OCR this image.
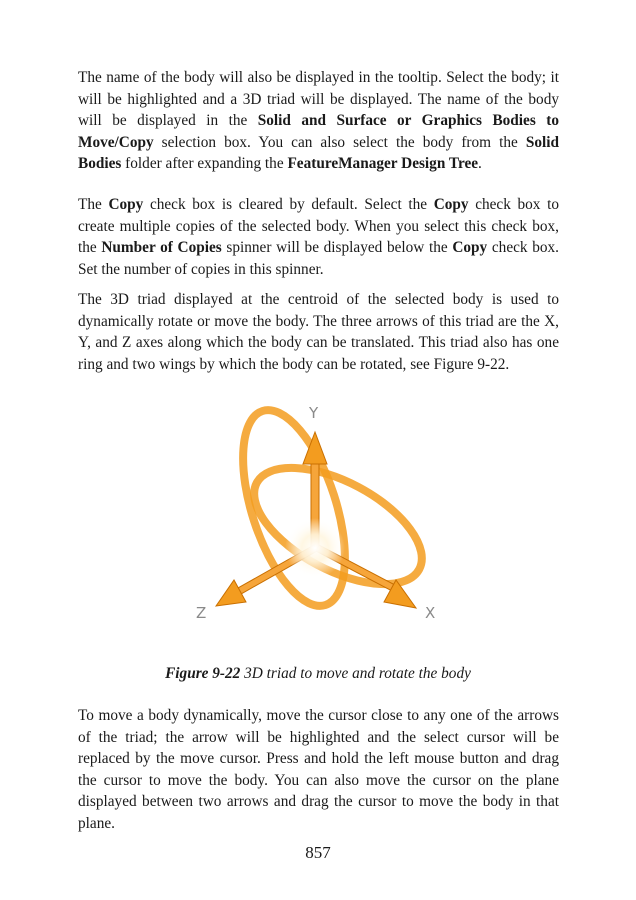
The name of the body will also be displayed in the tooltip. Select the body; it will be highlighted and a 3D triad will be displayed. The name of the body will be displayed in the Solid and Surface or Graphics Bodies to Move/Copy selection box. You can also select the body from the Solid Bodies folder after expanding the FeatureManager Design Tree.

The Copy check box is cleared by default. Select the Copy check box to create multiple copies of the selected body. When you select this check box, the Number of Copies spinner will be displayed below the Copy check box. Set the number of copies in this spinner.

The 3D triad displayed at the centroid of the selected body is used to dynamically rotate or move the body. The three arrows of this triad are the X, Y, and Z axes along which the body can be translated. This triad also has one ring and two wings by which the body can be rotated, see Figure 9-22.

Y
X
Z

Figure 9-22 3D triad to move and rotate the body

To move a body dynamically, move the cursor close to any one of the arrows of the triad; the arrow will be highlighted and the select cursor will be replaced by the move cursor. Press and hold the left mouse button and drag the cursor to move the body. You can also move the cursor on the plane displayed between two arrows and drag the cursor to move the body in that plane.

857
